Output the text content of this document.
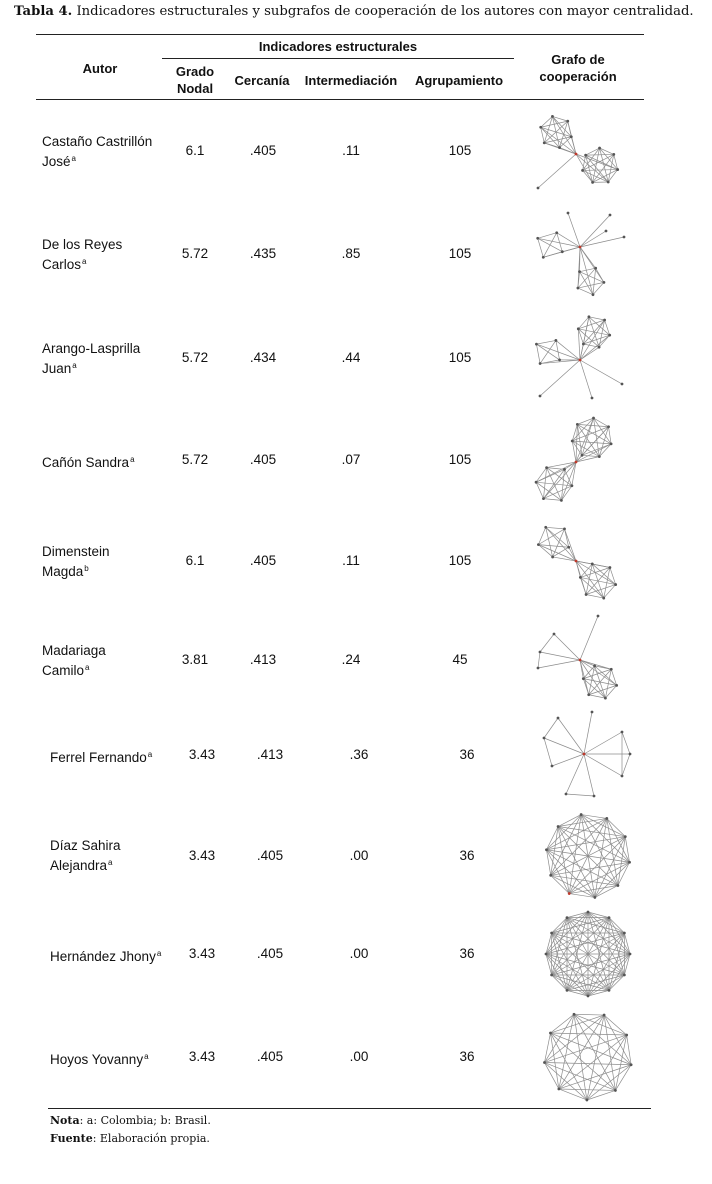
Tabla 4. Indicadores estructurales y subgrafos de cooperación de los autores con mayor centralidad.
Autor
Indicadores estructurales
Grado
Nodal
Cercanía	Intermediación	Agrupamiento
Grafo de
cooperación
Castaño Castrillón
José$^a$
6.1	.405	.11	105
De los Reyes
Carlos$^a$
5.72	.435	.85	105
Arango-Lasprilla
Juan$^a$
5.72	.434	.44	105
Cañón Sandra$^a$	5.72	.405	.07	105
Dimenstein
Magda$^b$
6.1	.405	.11	105
Madariaga
Camilo$^a$
3.81	.413	.24	45
Ferrel Fernando$^a$	3.43	.413	.36	36
Díaz Sahira
Alejandra$^a$	3.43	.405	.00	36
Hernández Jhony$^a$	3.43	.405	.00	36
Hoyos Yovanny$^a$	3.43	.405	.00	36
Nota: a: Colombia; b: Brasil.
Fuente: Elaboración propia.
